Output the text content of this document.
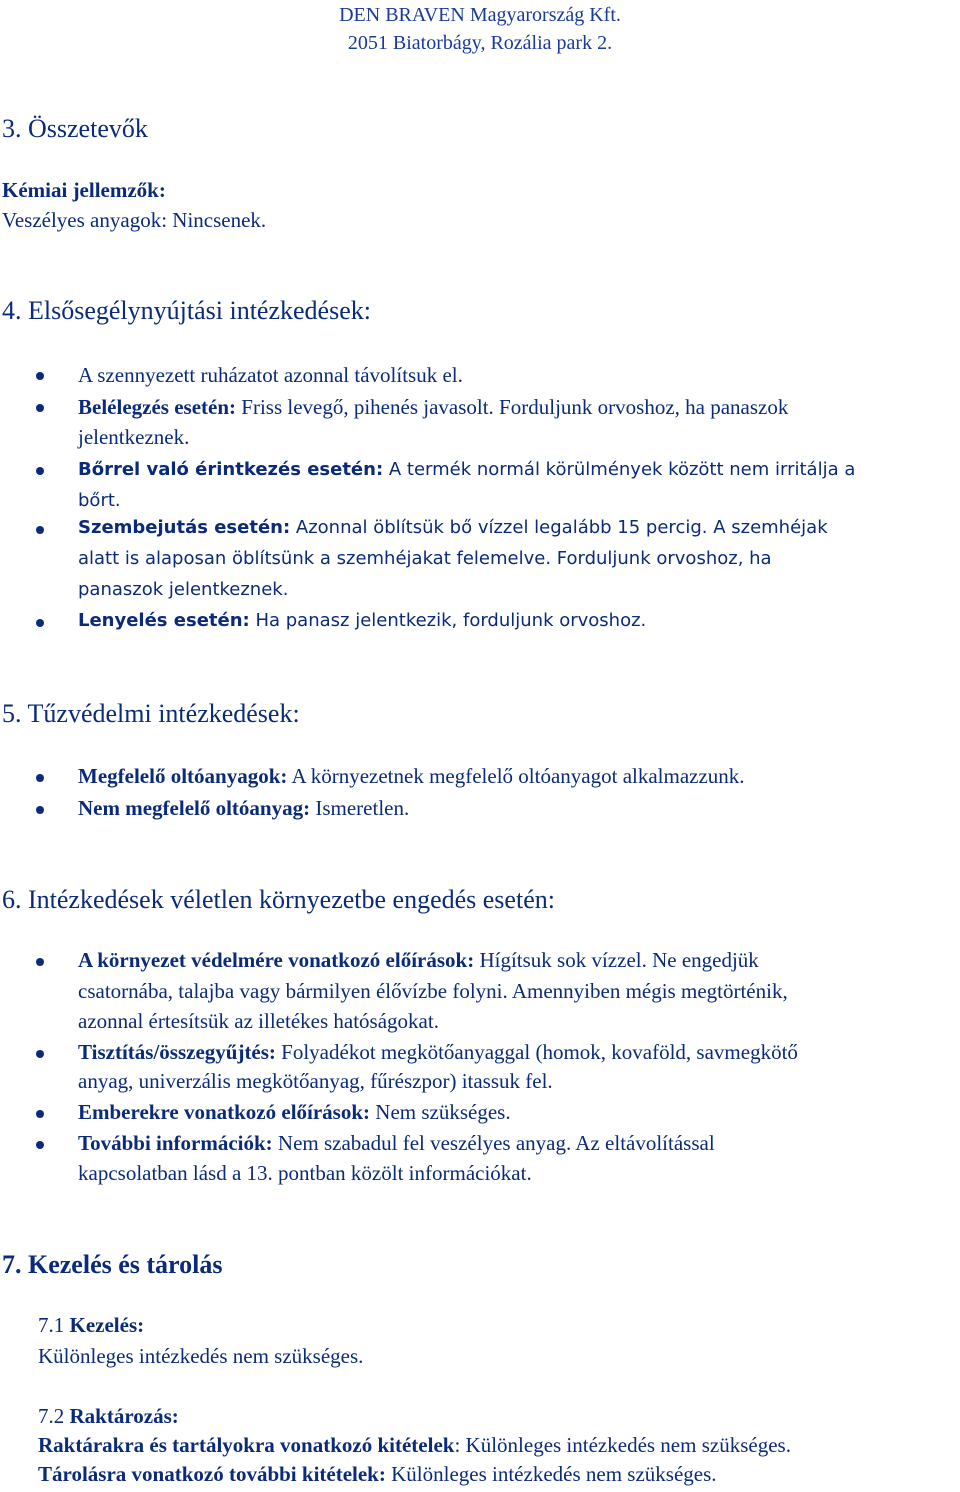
DEN BRAVEN Magyarország Kft.
2051 Biatorbágy, Rozália park 2.
3. Összetevők
Kémiai jellemzők:
Veszélyes anyagok: Nincsenek.
4. Elsősegélynyújtási intézkedések:
A szennyezett ruházatot azonnal távolítsuk el.
Belélegzés esetén: Friss levegő, pihenés javasolt. Forduljunk orvoshoz, ha panaszok
jelentkeznek.
Bőrrel való érintkezés esetén: A termék normál körülmények között nem irritálja a
bőrt.
Szembejutás esetén: Azonnal öblítsük bő vízzel legalább 15 percig. A szemhéjak
alatt is alaposan öblítsünk a szemhéjakat felemelve. Forduljunk orvoshoz, ha
panaszok jelentkeznek.
Lenyelés esetén: Ha panasz jelentkezik, forduljunk orvoshoz.
5. Tűzvédelmi intézkedések:
Megfelelő oltóanyagok: A környezetnek megfelelő oltóanyagot alkalmazzunk.
Nem megfelelő oltóanyag: Ismeretlen.
6. Intézkedések véletlen környezetbe engedés esetén:
A környezet védelmére vonatkozó előírások: Hígítsuk sok vízzel. Ne engedjük
csatornába, talajba vagy bármilyen élővízbe folyni. Amennyiben mégis megtörténik,
azonnal értesítsük az illetékes hatóságokat.
Tisztítás/összegyűjtés: Folyadékot megkötőanyaggal (homok, kovaföld, savmegkötő
anyag, univerzális megkötőanyag, fűrészpor) itassuk fel.
Emberekre vonatkozó előírások: Nem szükséges.
További információk: Nem szabadul fel veszélyes anyag. Az eltávolítással
kapcsolatban lásd a 13. pontban közölt információkat.
7. Kezelés és tárolás
7.1 Kezelés:
Különleges intézkedés nem szükséges.
7.2 Raktározás:
Raktárakra és tartályokra vonatkozó kitételek: Különleges intézkedés nem szükséges.
Tárolásra vonatkozó további kitételek: Különleges intézkedés nem szükséges.
